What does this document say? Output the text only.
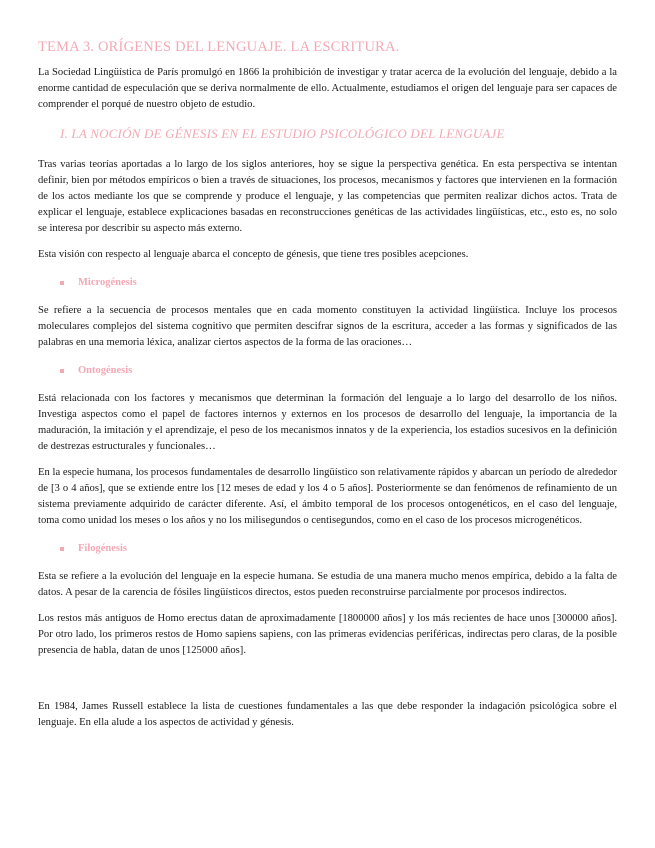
TEMA 3. ORÍGENES DEL LENGUAJE. LA ESCRITURA.

La Sociedad Lingüística de París promulgó en 1866 la prohibición de investigar y tratar acerca de la evolución del lenguaje, debido a la enorme cantidad de especulación que se deriva normalmente de ello. Actualmente, estudiamos el origen del lenguaje para ser capaces de comprender el porqué de nuestro objeto de estudio.

I. LA NOCIÓN DE GÉNESIS EN EL ESTUDIO PSICOLÓGICO DEL LENGUAJE

Tras varias teorías aportadas a lo largo de los siglos anteriores, hoy se sigue la perspectiva genética. En esta perspectiva se intentan definir, bien por métodos empíricos o bien a través de situaciones, los procesos, mecanismos y factores que intervienen en la formación de los actos mediante los que se comprende y produce el lenguaje, y las competencias que permiten realizar dichos actos. Trata de explicar el lenguaje, establece explicaciones basadas en reconstrucciones genéticas de las actividades lingüísticas, etc., esto es, no solo se interesa por describir su aspecto más externo.

Esta visión con respecto al lenguaje abarca el concepto de génesis, que tiene tres posibles acepciones.

Microgénesis

Se refiere a la secuencia de procesos mentales que en cada momento constituyen la actividad lingüística. Incluye los procesos moleculares complejos del sistema cognitivo que permiten descifrar signos de la escritura, acceder a las formas y significados de las palabras en una memoria léxica, analizar ciertos aspectos de la forma de las oraciones…

Ontogénesis

Está relacionada con los factores y mecanismos que determinan la formación del lenguaje a lo largo del desarrollo de los niños. Investiga aspectos como el papel de factores internos y externos en los procesos de desarrollo del lenguaje, la importancia de la maduración, la imitación y el aprendizaje, el peso de los mecanismos innatos y de la experiencia, los estadios sucesivos en la definición de destrezas estructurales y funcionales…

En la especie humana, los procesos fundamentales de desarrollo lingüístico son relativamente rápidos y abarcan un período de alrededor de [3 o 4 años], que se extiende entre los [12 meses de edad y los 4 o 5 años]. Posteriormente se dan fenómenos de refinamiento de un sistema previamente adquirido de carácter diferente. Así, el ámbito temporal de los procesos ontogenéticos, en el caso del lenguaje, toma como unidad los meses o los años y no los milisegundos o centisegundos, como en el caso de los procesos microgenéticos.

Filogénesis

Esta se refiere a la evolución del lenguaje en la especie humana. Se estudia de una manera mucho menos empírica, debido a la falta de datos. A pesar de la carencia de fósiles lingüísticos directos, estos pueden reconstruirse parcialmente por procesos indirectos.

Los restos más antiguos de Homo erectus datan de aproximadamente [1800000 años] y los más recientes de hace unos [300000 años]. Por otro lado, los primeros restos de Homo sapiens sapiens, con las primeras evidencias periféricas, indirectas pero claras, de la posible presencia de habla, datan de unos [125000 años].

En 1984, James Russell establece la lista de cuestiones fundamentales a las que debe responder la indagación psicológica sobre el lenguaje. En ella alude a los aspectos de actividad y génesis.
